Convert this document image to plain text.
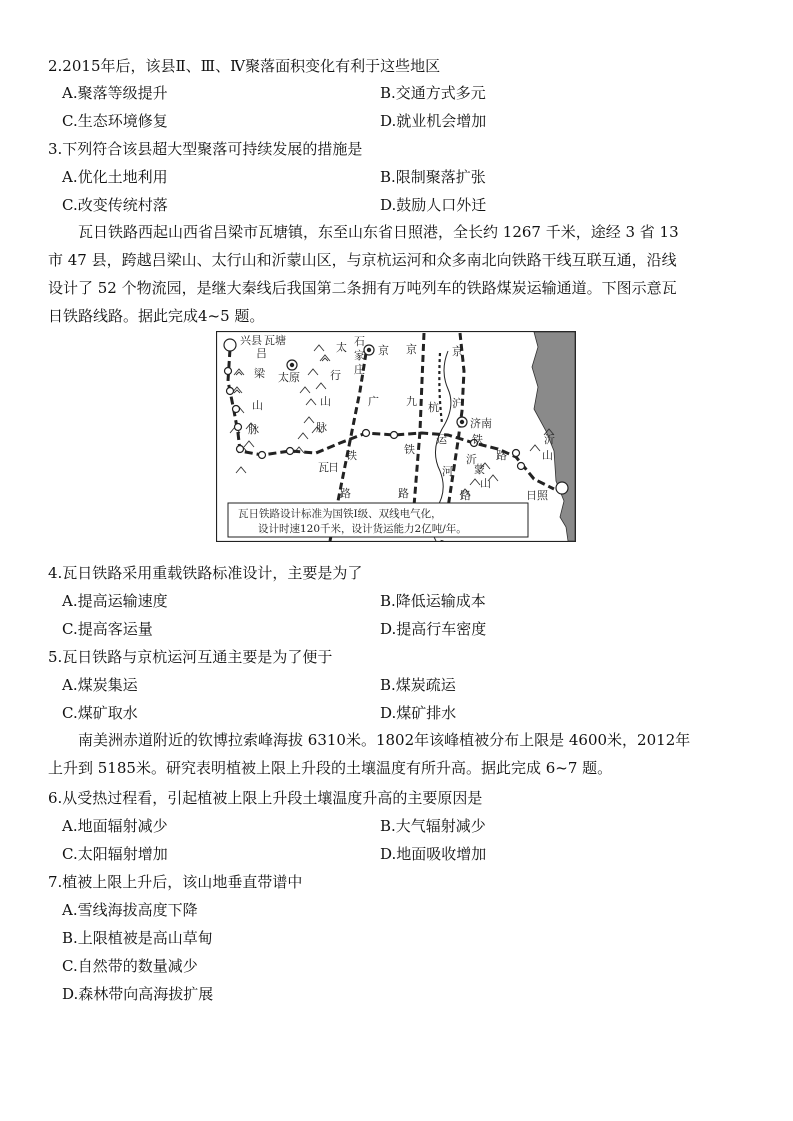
2.2015年后，该县Ⅱ、Ⅲ、Ⅳ聚落面积变化有利于这些地区
A.聚落等级提升	B.交通方式多元
C.生态环境修复	D.就业机会增加
3.下列符合该县超大型聚落可持续发展的措施是
A.优化土地利用	B.限制聚落扩张
C.改变传统村落	D.鼓励人口外迁

瓦日铁路西起山西省吕梁市瓦塘镇，东至山东省日照港，全长约 1267 千米，途经 3 省 13

市 47 县，跨越吕梁山、太行山和沂蒙山区，与京杭运河和众多南北向铁路干线互联互通，沿线

设计了 52 个物流园，是继大秦线后我国第二条拥有万吨列车的铁路煤炭运输通道。下图示意瓦

日铁路线路。据此完成4~5 题。

兴县 瓦塘
吕
梁
山
脉
太原
太
行
山
脉
石
家
庄
京
广
瓦 日
铁
路
京
九
铁
路
京
杭 沪
运
河
济南
铁
路
路
沂
蒙
山
沂
山
日照
瓦日铁路设计标准为国铁Ⅰ级、双线电气化，
设计时速120千米，设计货运能力2亿吨/年。
4.瓦日铁路采用重载铁路标准设计，主要是为了
A.提高运输速度	B.降低运输成本
C.提高客运量	D.提高行车密度
5.瓦日铁路与京杭运河互通主要是为了便于
A.煤炭集运	B.煤炭疏运
C.煤矿取水	D.煤矿排水

南美洲赤道附近的钦博拉索峰海拔 6310米。1802年该峰植被分布上限是 4600米，2012年

上升到 5185米。研究表明植被上限上升段的土壤温度有所升高。据此完成 6~7 题。

6.从受热过程看，引起植被上限上升段土壤温度升高的主要原因是
A.地面辐射减少	B.大气辐射减少
C.太阳辐射增加	D.地面吸收增加
7.植被上限上升后，该山地垂直带谱中
A.雪线海拔高度下降
B.上限植被是高山草甸
C.自然带的数量减少
D.森林带向高海拔扩展
